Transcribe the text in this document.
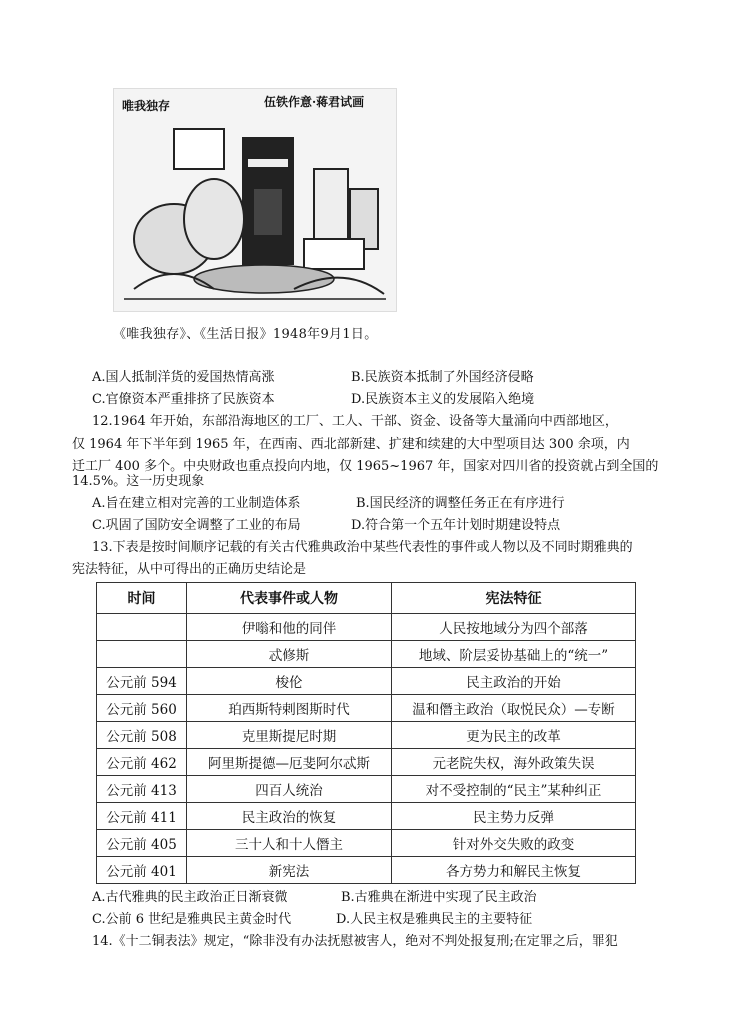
唯我独存	伍铁作意·蒋君试画
《唯我独存》、《生活日报》1948年9月1日。
A.国人抵制洋货的爱国热情高涨	B.民族资本抵制了外国经济侵略
C.官僚资本严重排挤了民族资本	D.民族资本主义的发展陷入绝境
12.1964 年开始，东部沿海地区的工厂、工人、干部、资金、设备等大量涌向中西部地区，
仅 1964 年下半年到 1965 年，在西南、西北部新建、扩建和续建的大中型项目达 300 余项，内
迁工厂 400 多个。中央财政也重点投向内地，仅 1965~1967 年，国家对四川省的投资就占到全国的
14.5%。这一历史现象
A.旨在建立相对完善的工业制造体系	B.国民经济的调整任务正在有序进行
C.巩固了国防安全调整了工业的布局	D.符合第一个五年计划时期建设特点
13.下表是按时间顺序记载的有关古代雅典政治中某些代表性的事件或人物以及不同时期雅典的
宪法特征，从中可得出的正确历史结论是
时间	代表事件或人物	宪法特征
	伊嗡和他的同伴	人民按地域分为四个部落
	忒修斯	地域、阶层妥协基础上的“统一”
公元前 594	梭伦	民主政治的开始
公元前 560	珀西斯特剌图斯时代	温和僭主政治（取悦民众）—专断
公元前 508	克里斯提尼时期	更为民主的改革
公元前 462	阿里斯提德—厄斐阿尔忒斯	元老院失权，海外政策失误
公元前 413	四百人统治	对不受控制的“民主”某种纠正
公元前 411	民主政治的恢复	民主势力反弹
公元前 405	三十人和十人僭主	针对外交失败的政变
公元前 401	新宪法	各方势力和解民主恢复
A.古代雅典的民主政治正日渐衰微	B.古雅典在渐进中实现了民主政治
C.公前 6 世纪是雅典民主黄金时代	D.人民主权是雅典民主的主要特征
14.《十二铜表法》规定，“除非没有办法抚慰被害人，绝对不判处报复刑;在定罪之后，罪犯
